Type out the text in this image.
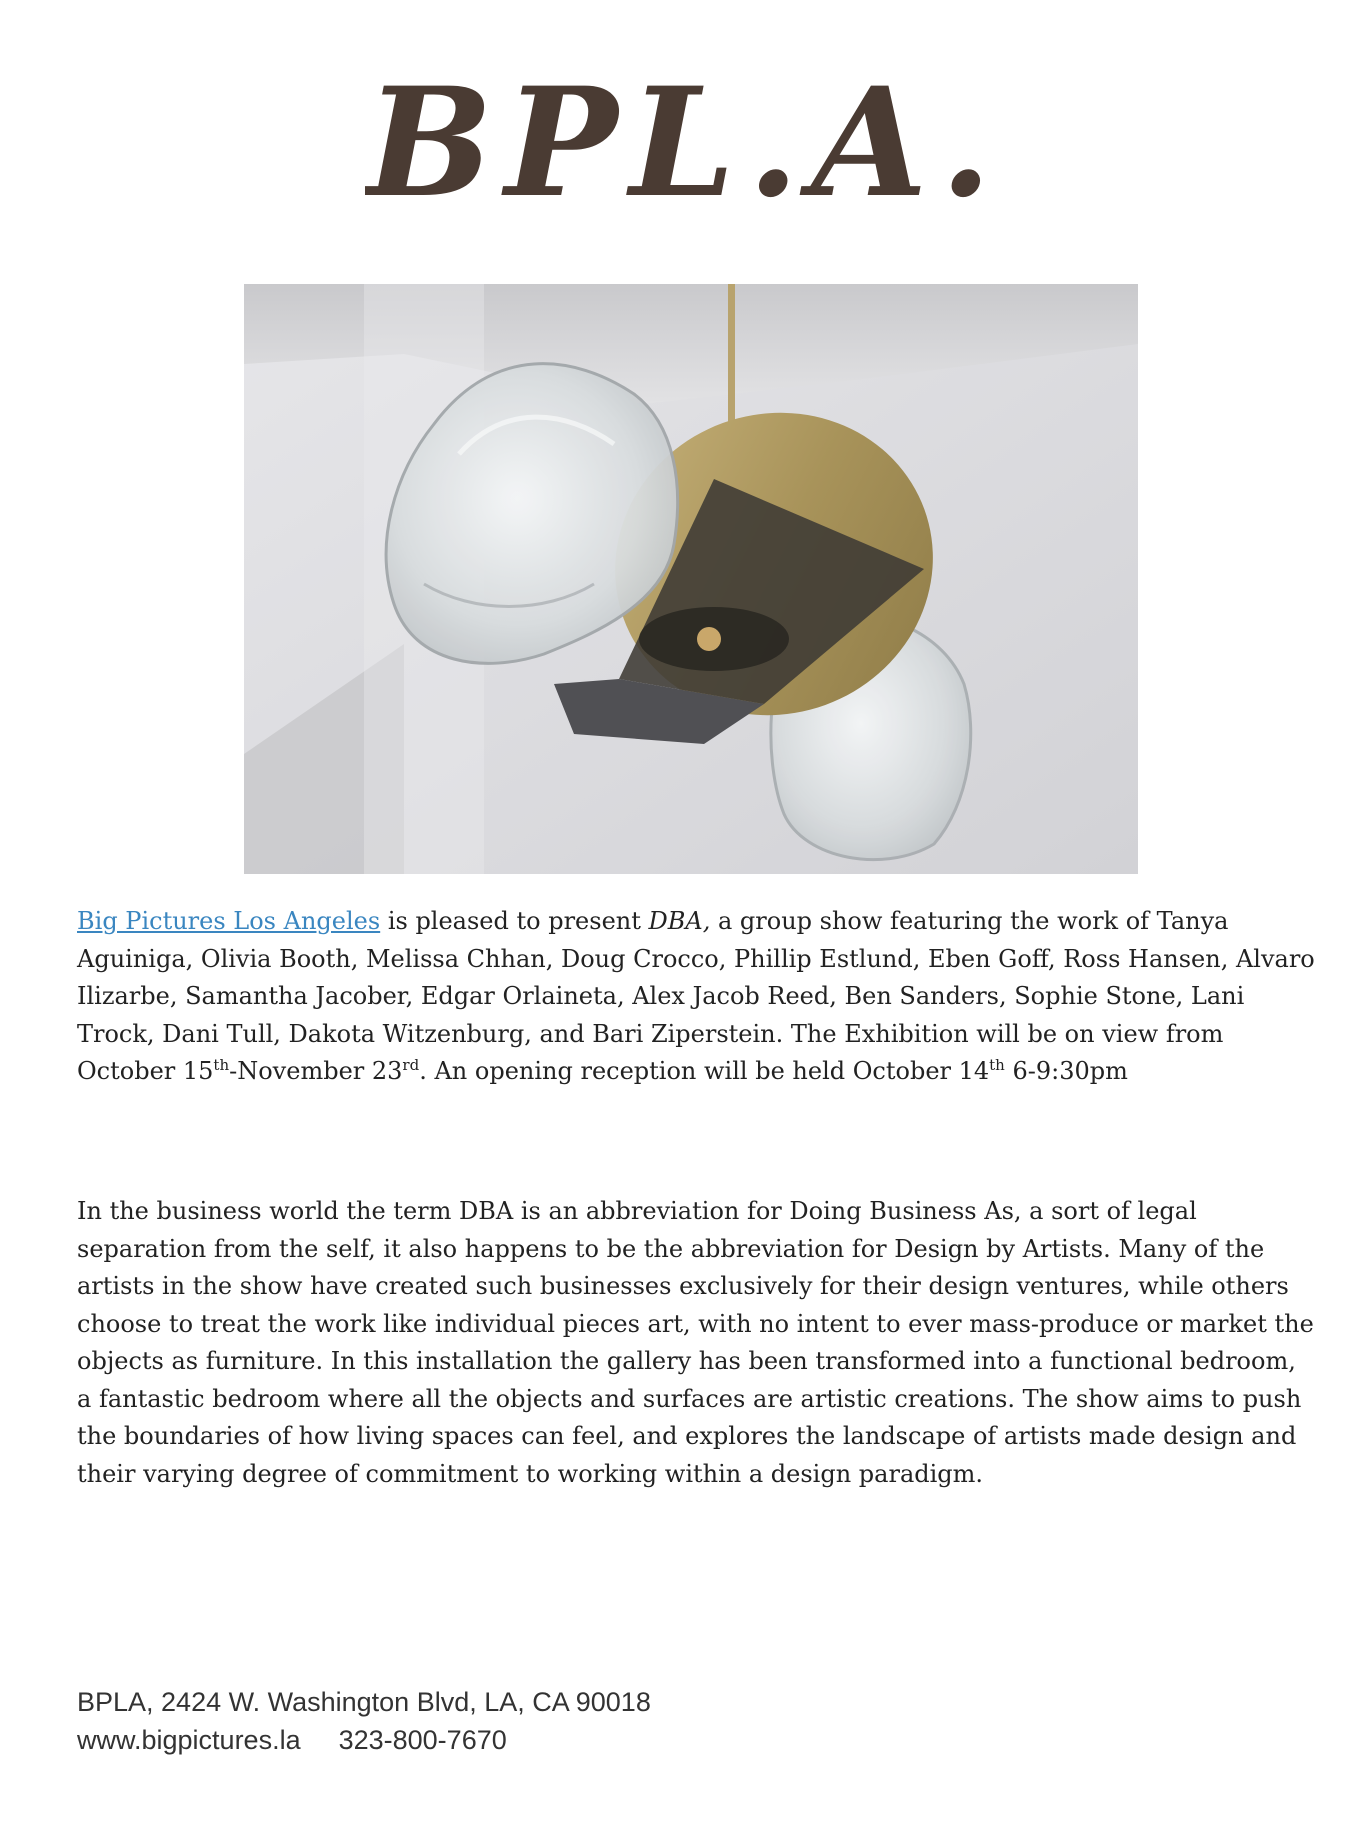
BPL.A.
Big Pictures Los Angeles is pleased to present DBA, a group show featuring the work of Tanya Aguiniga, Olivia Booth, Melissa Chhan, Doug Crocco, Phillip Estlund, Eben Goff, Ross Hansen, Alvaro Ilizarbe, Samantha Jacober, Edgar Orlaineta, Alex Jacob Reed, Ben Sanders, Sophie Stone, Lani Trock, Dani Tull, Dakota Witzenburg, and Bari Ziperstein. The Exhibition will be on view from October 15th-November 23rd. An opening reception will be held October 14th 6-9:30pm
In the business world the term DBA is an abbreviation for Doing Business As, a sort of legal separation from the self, it also happens to be the abbreviation for Design by Artists. Many of the artists in the show have created such businesses exclusively for their design ventures, while others choose to treat the work like individual pieces art, with no intent to ever mass-produce or market the objects as furniture. In this installation the gallery has been transformed into a functional bedroom, a fantastic bedroom where all the objects and surfaces are artistic creations. The show aims to push the boundaries of how living spaces can feel, and explores the landscape of artists made design and their varying degree of commitment to working within a design paradigm.
BPLA, 2424 W. Washington Blvd, LA, CA 90018
www.bigpictures.la 323-800-7670
